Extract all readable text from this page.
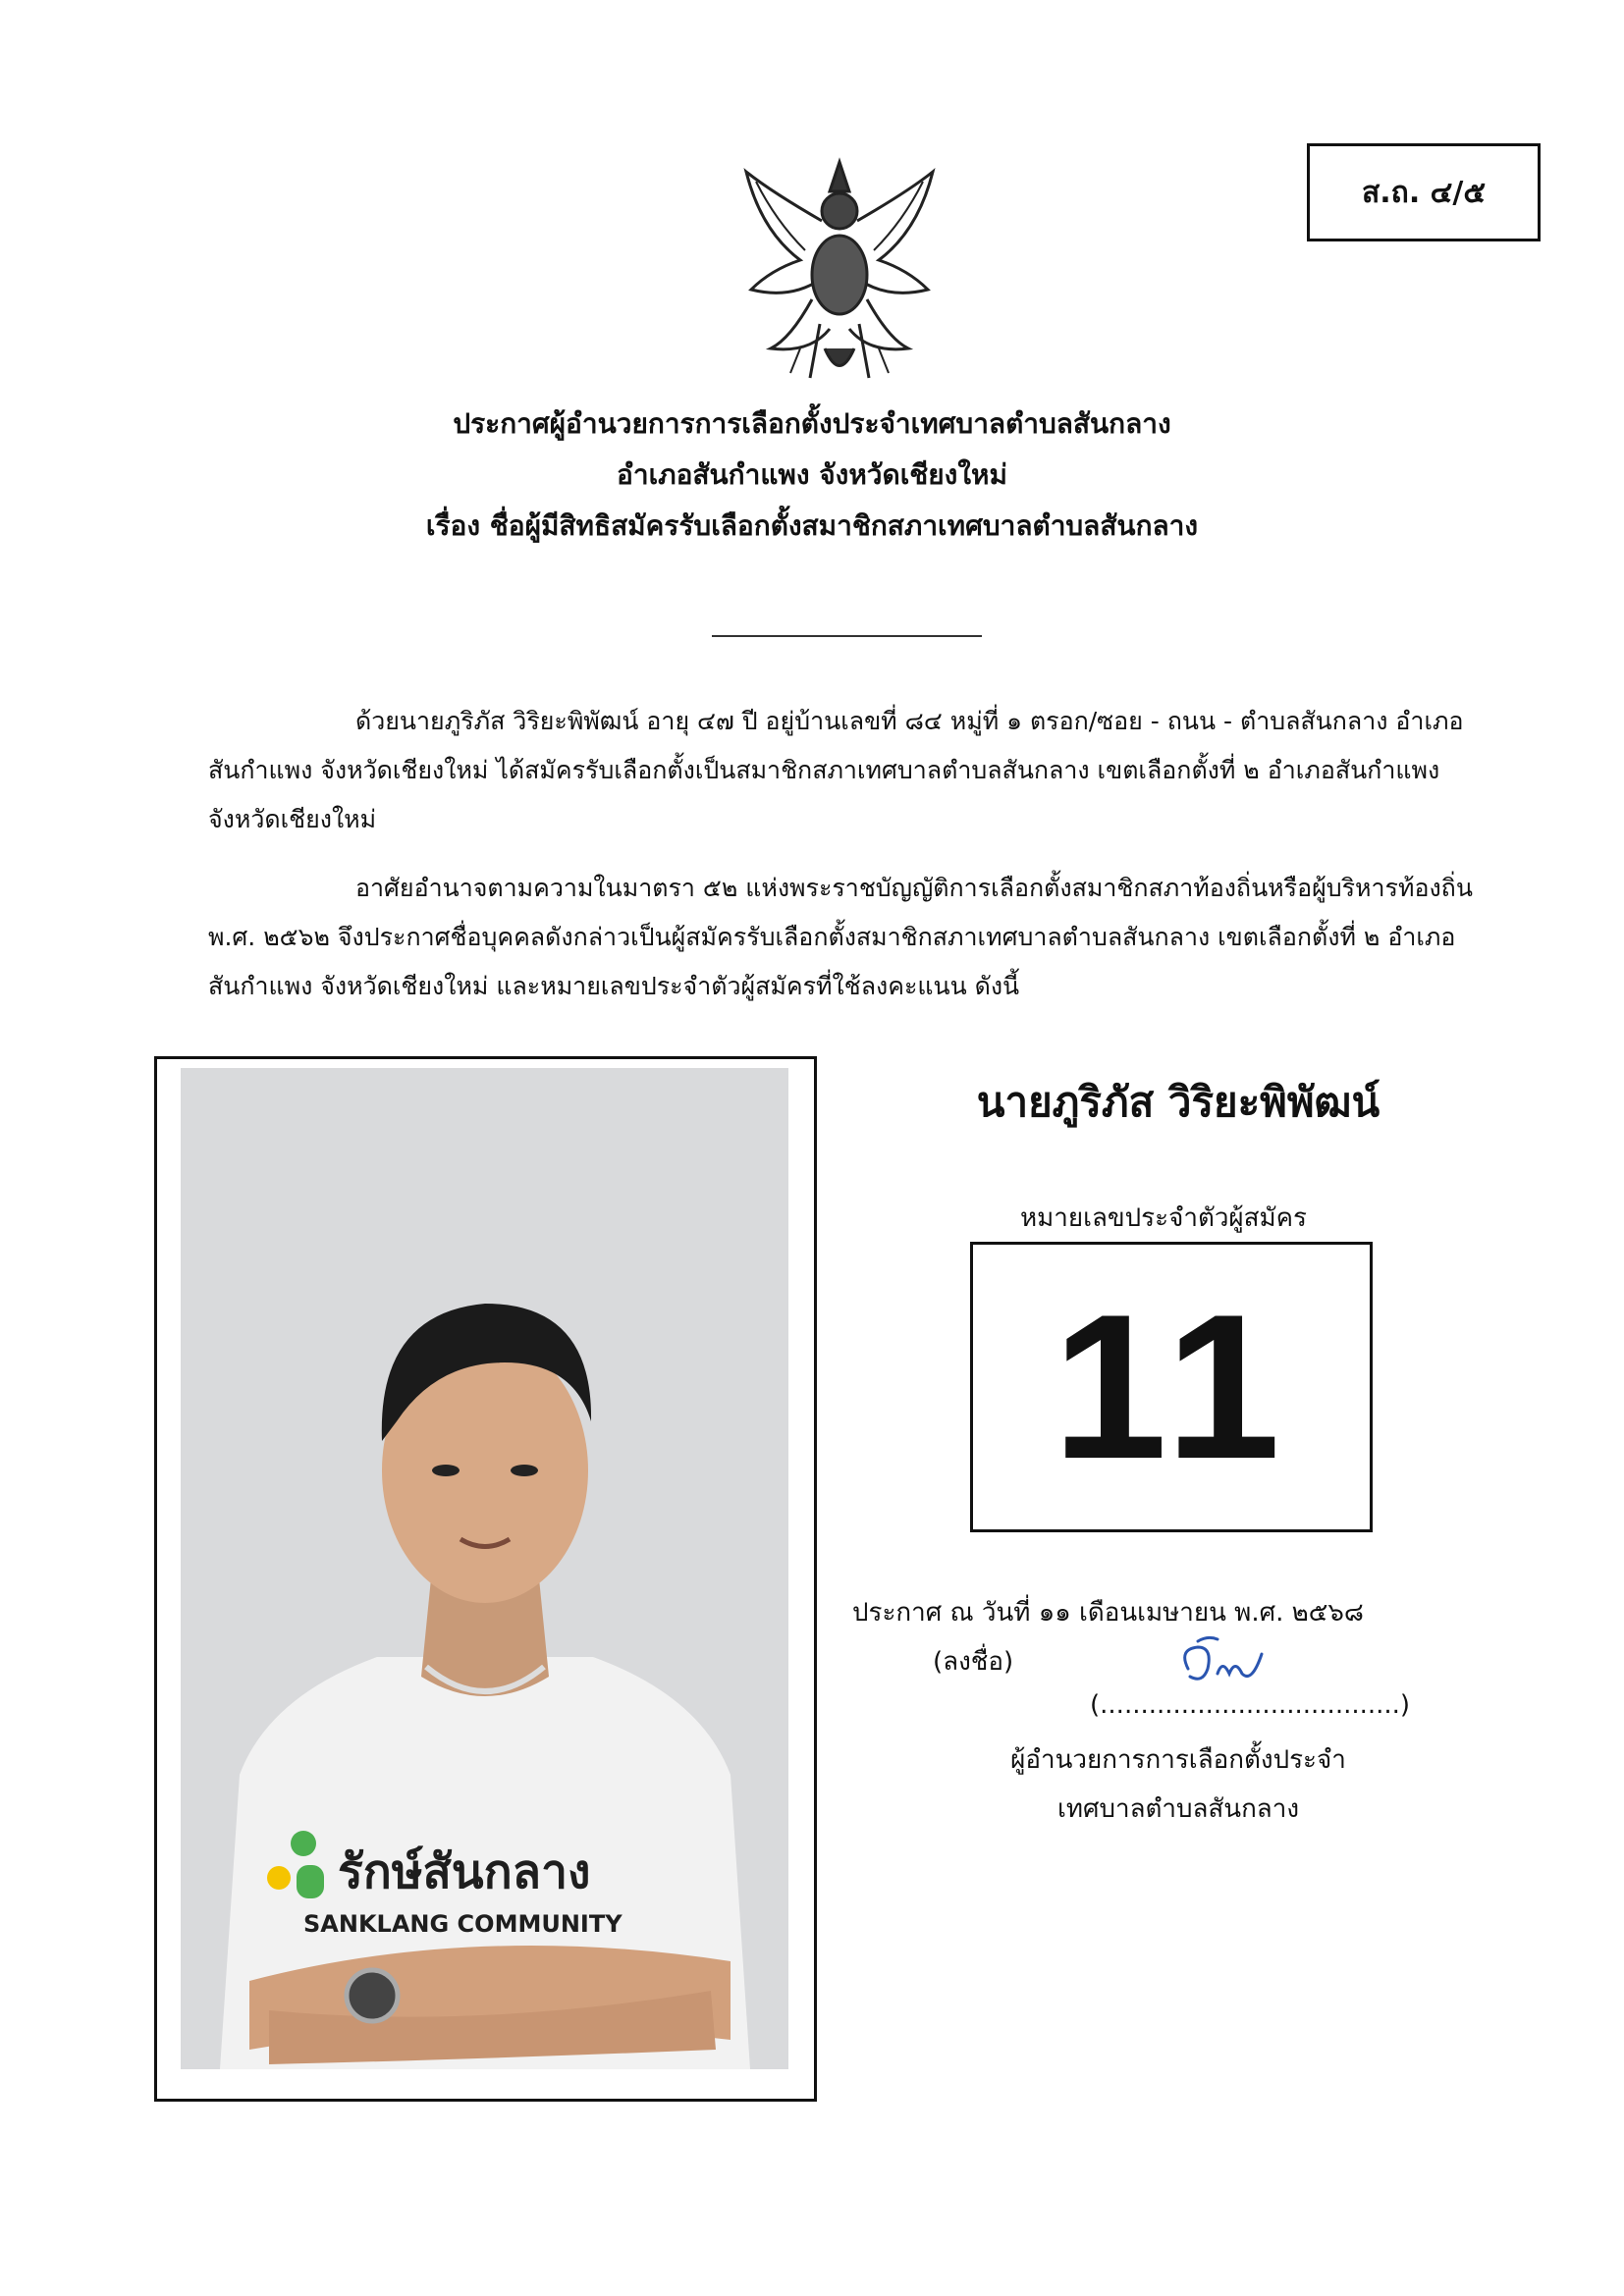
ส.ถ. ๔/๕
ประกาศผู้อำนวยการการเลือกตั้งประจำเทศบาลตำบลสันกลาง
อำเภอสันกำแพง จังหวัดเชียงใหม่
เรื่อง ชื่อผู้มีสิทธิสมัครรับเลือกตั้งสมาชิกสภาเทศบาลตำบลสันกลาง
ด้วยนายภูริภัส วิริยะพิพัฒน์ อายุ ๔๗ ปี อยู่บ้านเลขที่ ๘๔ หมู่ที่ ๑ ตรอก/ซอย - ถนน - ตำบลสันกลาง อำเภอสันกำแพง จังหวัดเชียงใหม่ ได้สมัครรับเลือกตั้งเป็นสมาชิกสภาเทศบาลตำบลสันกลาง เขตเลือกตั้งที่ ๒ อำเภอสันกำแพง จังหวัดเชียงใหม่
อาศัยอำนาจตามความในมาตรา ๕๒ แห่งพระราชบัญญัติการเลือกตั้งสมาชิกสภาท้องถิ่นหรือผู้บริหารท้องถิ่น พ.ศ. ๒๕๖๒ จึงประกาศชื่อบุคคลดังกล่าวเป็นผู้สมัครรับเลือกตั้งสมาชิกสภาเทศบาลตำบลสันกลาง เขตเลือกตั้งที่ ๒ อำเภอสันกำแพง จังหวัดเชียงใหม่ และหมายเลขประจำตัวผู้สมัครที่ใช้ลงคะแนน ดังนี้
รักษ์สันกลาง
SANKLANG COMMUNITY
นายภูริภัส วิริยะพิพัฒน์
หมายเลขประจำตัวผู้สมัคร
11
ประกาศ ณ วันที่ ๑๑ เดือนเมษายน พ.ศ. ๒๕๖๘
(ลงชื่อ)
(.....................................)
ผู้อำนวยการการเลือกตั้งประจำ
เทศบาลตำบลสันกลาง
